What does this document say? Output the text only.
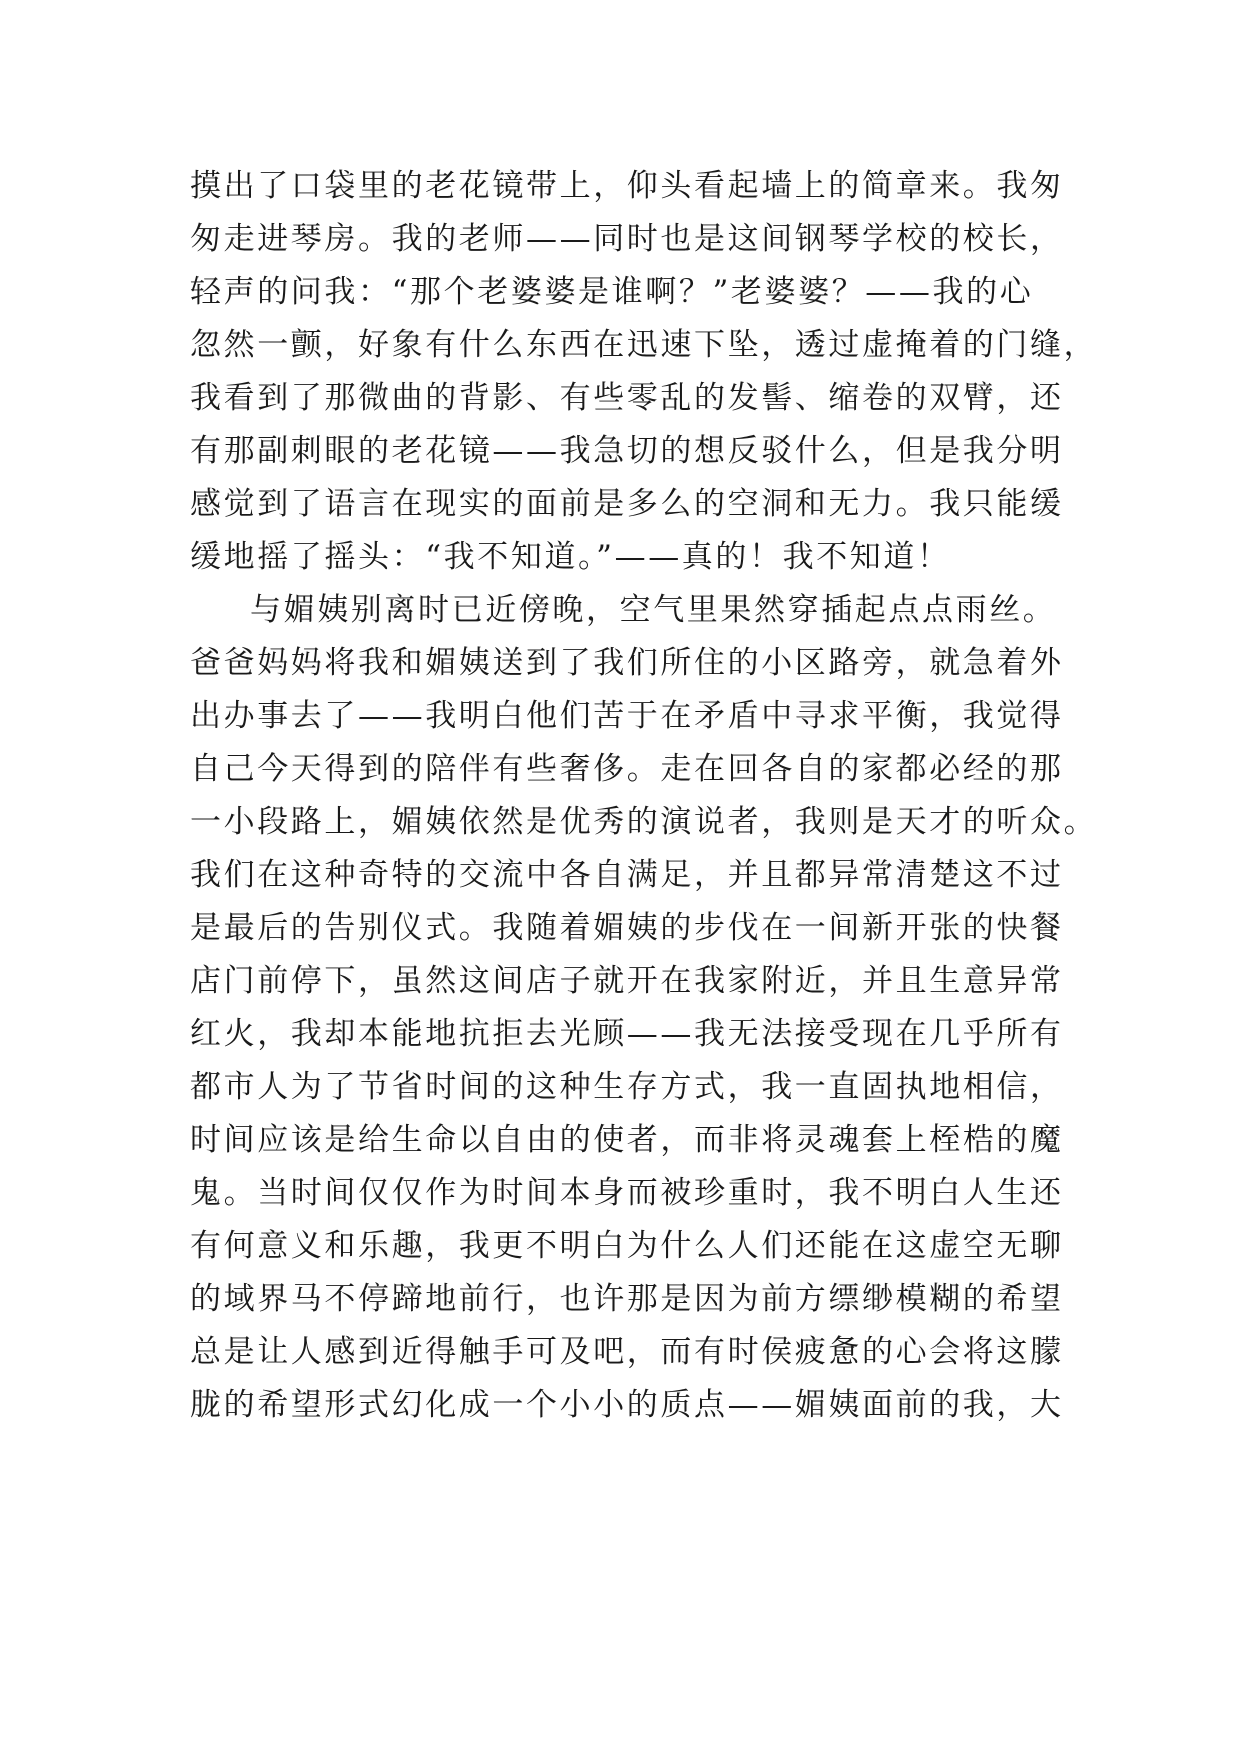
摸出了口袋里的老花镜带上，仰头看起墙上的简章来。我匆
匆走进琴房。我的老师——同时也是这间钢琴学校的校长，
轻声的问我：“那个老婆婆是谁啊？”老婆婆？——我的心
忽然一颤，好象有什么东西在迅速下坠，透过虚掩着的门缝，
我看到了那微曲的背影、有些零乱的发髻、缩卷的双臂，还
有那副刺眼的老花镜——我急切的想反驳什么，但是我分明
感觉到了语言在现实的面前是多么的空洞和无力。我只能缓
缓地摇了摇头：“我不知道。”——真的！我不知道！
与媚姨别离时已近傍晚，空气里果然穿插起点点雨丝。
爸爸妈妈将我和媚姨送到了我们所住的小区路旁，就急着外
出办事去了——我明白他们苦于在矛盾中寻求平衡，我觉得
自己今天得到的陪伴有些奢侈。走在回各自的家都必经的那
一小段路上，媚姨依然是优秀的演说者，我则是天才的听众。
我们在这种奇特的交流中各自满足，并且都异常清楚这不过
是最后的告别仪式。我随着媚姨的步伐在一间新开张的快餐
店门前停下，虽然这间店子就开在我家附近，并且生意异常
红火，我却本能地抗拒去光顾——我无法接受现在几乎所有
都市人为了节省时间的这种生存方式，我一直固执地相信，
时间应该是给生命以自由的使者，而非将灵魂套上桎梏的魔
鬼。当时间仅仅作为时间本身而被珍重时，我不明白人生还
有何意义和乐趣，我更不明白为什么人们还能在这虚空无聊
的域界马不停蹄地前行，也许那是因为前方缥缈模糊的希望
总是让人感到近得触手可及吧，而有时侯疲惫的心会将这朦
胧的希望形式幻化成一个小小的质点——媚姨面前的我，大
